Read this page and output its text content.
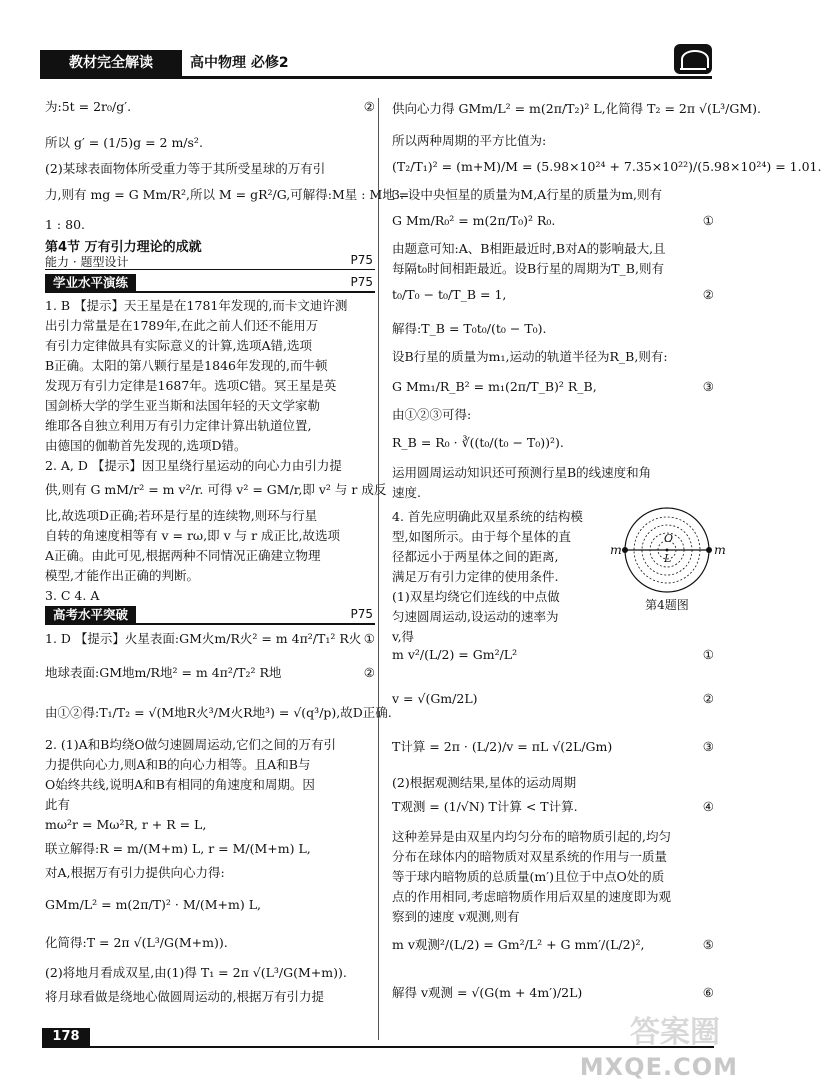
教材完全解读	高中物理 必修2
为:5t = 2r₀/g′.	②
所以 g′ = (1/5)g = 2 m/s².
(2)某球表面物体所受重力等于其所受星球的万有引
力,则有 mg = G Mm/R²,所以 M = gR²/G,可解得:M星 : M地 =
1 : 80.
第4节 万有引力理论的成就
能力 · 题型设计	P75
学业水平演练	P75
1. B 【提示】天王星是在1781年发现的,而卡文迪许测
出引力常量是在1789年,在此之前人们还不能用万
有引力定律做具有实际意义的计算,选项A错,选项
B正确。太阳的第八颗行星是1846年发现的,而牛顿
发现万有引力定律是1687年。选项C错。冥王星是英
国剑桥大学的学生亚当斯和法国年轻的天文学家勒
维耶各自独立利用万有引力定律计算出轨道位置,
由德国的伽勒首先发现的,选项D错。
2. A, D 【提示】因卫星绕行星运动的向心力由引力提
供,则有 G mM/r² = m v²/r. 可得 v² = GM/r,即 v² 与 r 成反
比,故选项D正确;若环是行星的连续物,则环与行星
自转的角速度相等有 v = rω,即 v 与 r 成正比,故选项
A正确。由此可见,根据两种不同情况正确建立物理
模型,才能作出正确的判断。
3. C 4. A
高考水平突破	P75
1. D 【提示】火星表面:GM火m/R火² = m 4π²/T₁² R火 ①
地球表面:GM地m/R地² = m 4π²/T₂² R地	②
由①②得:T₁/T₂ = √(M地R火³/M火R地³) = √(q³/p),故D正确.
2. (1)A和B均绕O做匀速圆周运动,它们之间的万有引
力提供向心力,则A和B的向心力相等。且A和B与
O始终共线,说明A和B有相同的角速度和周期。因
此有
mω²r = Mω²R, r + R = L,
联立解得:R = m/(M+m) L, r = M/(M+m) L,
对A,根据万有引力提供向心力得:
GMm/L² = m(2π/T)² · M/(M+m) L,
化简得:T = 2π √(L³/G(M+m)).
(2)将地月看成双星,由(1)得 T₁ = 2π √(L³/G(M+m)).
将月球看做是绕地心做圆周运动的,根据万有引力提
供向心力得 GMm/L² = m(2π/T₂)² L,化简得 T₂ = 2π √(L³/GM).
所以两种周期的平方比值为:
(T₂/T₁)² = (m+M)/M = (5.98×10²⁴ + 7.35×10²²)/(5.98×10²⁴) = 1.01.
3. 设中央恒星的质量为M,A行星的质量为m,则有
G Mm/R₀² = m(2π/T₀)² R₀.	①
由题意可知:A、B相距最近时,B对A的影响最大,且
每隔t₀时间相距最近。设B行星的周期为T_B,则有
t₀/T₀ − t₀/T_B = 1,	②
解得:T_B = T₀t₀/(t₀ − T₀).
设B行星的质量为m₁,运动的轨道半径为R_B,则有:
G Mm₁/R_B² = m₁(2π/T_B)² R_B,	③
由①②③可得:
R_B = R₀ · ∛((t₀/(t₀ − T₀))²).
运用圆周运动知识还可预测行星B的线速度和角
速度.
4. 首先应明确此双星系统的结构模
型,如图所示。由于每个星体的直
径都远小于两星体之间的距离,
满足万有引力定律的使用条件.
(1)双星均绕它们连线的中点做
匀速圆周运动,设运动的速率为
v,得
m v²/(L/2) = Gm²/L²	①
v = √(Gm/2L)	②
T计算 = 2π · (L/2)/v = πL √(2L/Gm)	③
(2)根据观测结果,星体的运动周期
T观测 = (1/√N) T计算 < T计算.	④
这种差异是由双星内均匀分布的暗物质引起的,均匀
分布在球体内的暗物质对双星系统的作用与一质量
等于球内暗物质的总质量(m′)且位于中点O处的质
点的作用相同,考虑暗物质作用后双星的速度即为观
察到的速度 v观测,则有
m v观测²/(L/2) = Gm²/L² + G mm′/(L/2)²,	⑤
解得 v观测 = √(G(m + 4m′)/2L)	⑥
m	m
O
L
第4题图
178	答案圈
MXQE.COM
